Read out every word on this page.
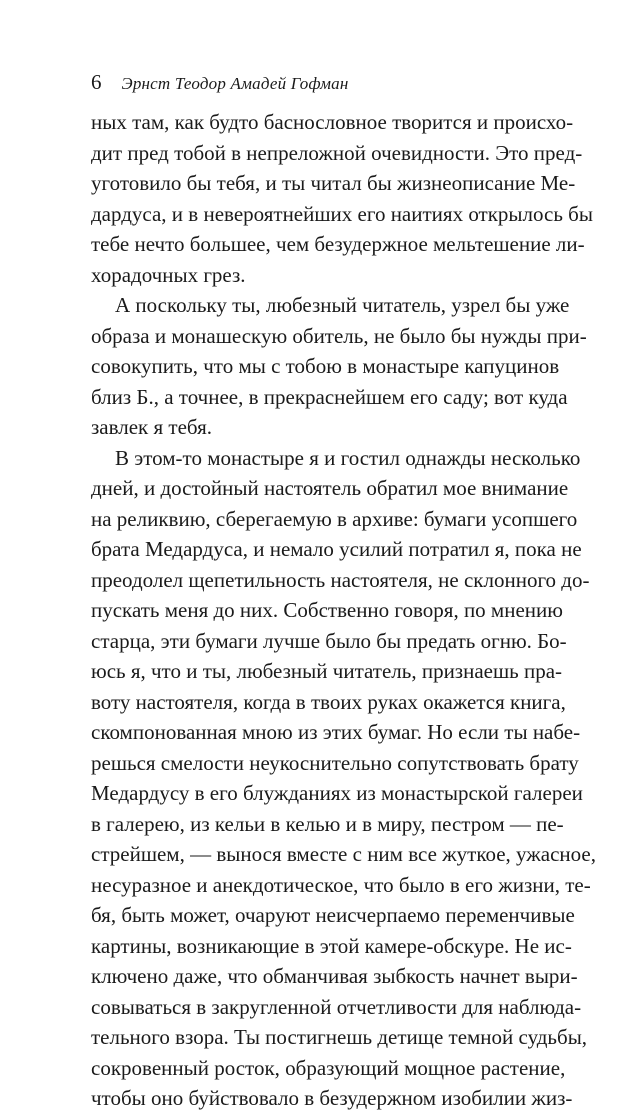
6 Эрнст Теодор Амадей Гофман
ных там, как будто баснословное творится и происхо-
дит пред тобой в непреложной очевидности. Это пред-
уготовило бы тебя, и ты читал бы жизнеописание Ме-
дардуса, и в невероятнейших его наитиях открылось бы
тебе нечто большее, чем безудержное мельтешение ли-
хорадочных грез.
А поскольку ты, любезный читатель, узрел бы уже
образа и монашескую обитель, не было бы нужды при-
совокупить, что мы с тобою в монастыре капуцинов
близ Б., а точнее, в прекраснейшем его саду; вот куда
завлек я тебя.
В этом-то монастыре я и гостил однажды несколько
дней, и достойный настоятель обратил мое внимание
на реликвию, сберегаемую в архиве: бумаги усопшего
брата Медардуса, и немало усилий потратил я, пока не
преодолел щепетильность настоятеля, не склонного до-
пускать меня до них. Собственно говоря, по мнению
старца, эти бумаги лучше было бы предать огню. Бо-
юсь я, что и ты, любезный читатель, признаешь пра-
воту настоятеля, когда в твоих руках окажется книга,
скомпонованная мною из этих бумаг. Но если ты набе-
решься смелости неукоснительно сопутствовать брату
Медардусу в его блужданиях из монастырской галереи
в галерею, из кельи в келью и в миру, пестром — пе-
стрейшем, — вынося вместе с ним все жуткое, ужасное,
несуразное и анекдотическое, что было в его жизни, те-
бя, быть может, очаруют неисчерпаемо переменчивые
картины, возникающие в этой камере-обскуре. Не ис-
ключено даже, что обманчивая зыбкость начнет выри-
совываться в закругленной отчетливости для наблюда-
тельного взора. Ты постигнешь детище темной судьбы,
сокровенный росток, образующий мощное растение,
чтобы оно буйствовало в безудержном изобилии жиз-
